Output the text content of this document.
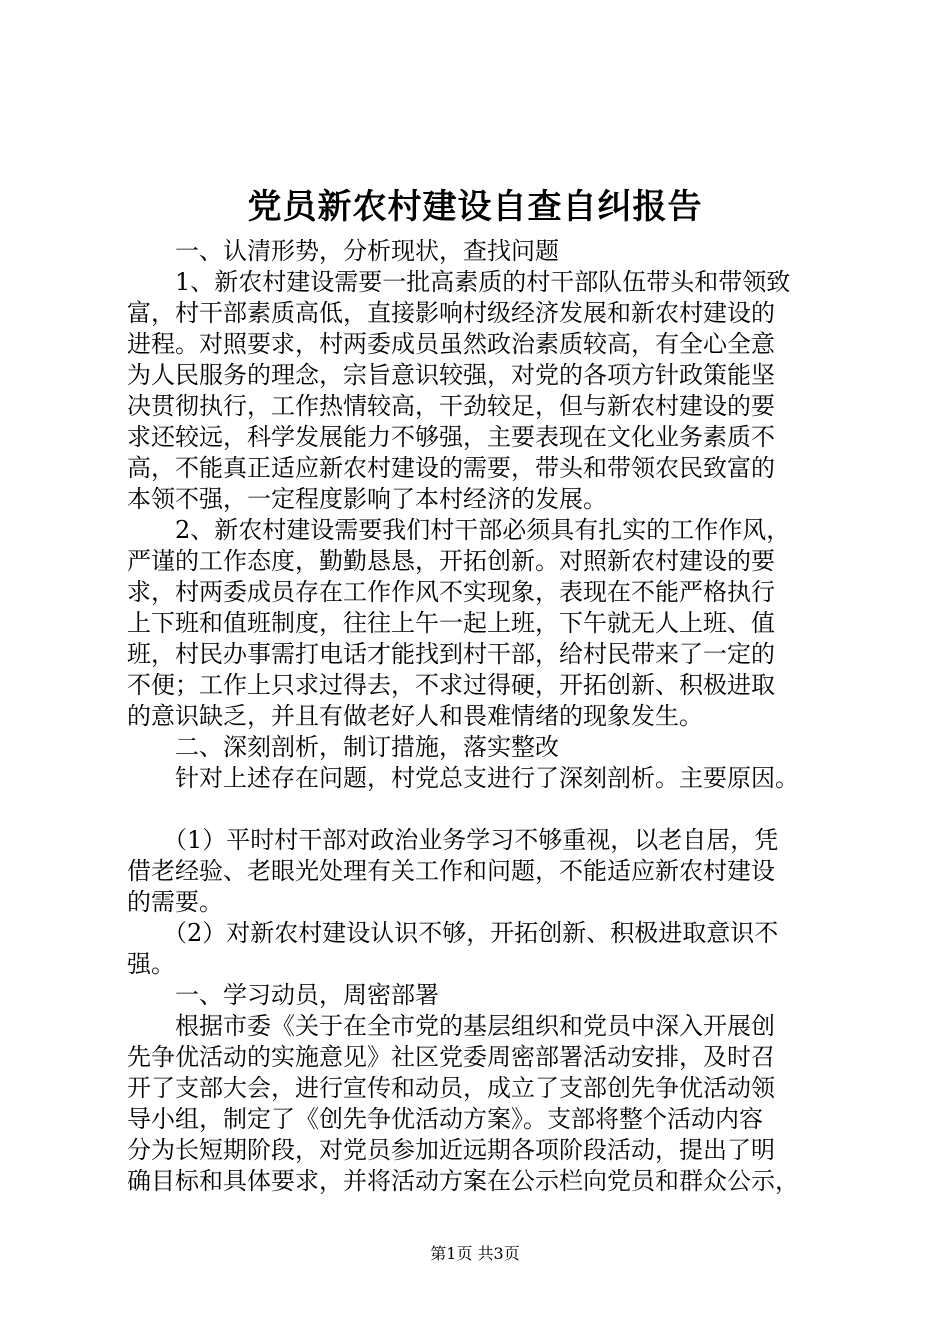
党员新农村建设自查自纠报告
　　一、认清形势，分析现状，查找问题
　　1、新农村建设需要一批高素质的村干部队伍带头和带领致
富，村干部素质高低，直接影响村级经济发展和新农村建设的
进程。对照要求，村两委成员虽然政治素质较高，有全心全意
为人民服务的理念，宗旨意识较强，对党的各项方针政策能坚
决贯彻执行，工作热情较高，干劲较足，但与新农村建设的要
求还较远，科学发展能力不够强，主要表现在文化业务素质不
高，不能真正适应新农村建设的需要，带头和带领农民致富的
本领不强，一定程度影响了本村经济的发展。
　　2、新农村建设需要我们村干部必须具有扎实的工作作风，
严谨的工作态度，勤勤恳恳，开拓创新。对照新农村建设的要
求，村两委成员存在工作作风不实现象，表现在不能严格执行
上下班和值班制度，往往上午一起上班，下午就无人上班、值
班，村民办事需打电话才能找到村干部，给村民带来了一定的
不便；工作上只求过得去，不求过得硬，开拓创新、积极进取
的意识缺乏，并且有做老好人和畏难情绪的现象发生。
　　二、深刻剖析，制订措施，落实整改
　　针对上述存在问题，村党总支进行了深刻剖析。主要原因。
　　（1）平时村干部对政治业务学习不够重视，以老自居，凭
借老经验、老眼光处理有关工作和问题，不能适应新农村建设
的需要。
　　（2）对新农村建设认识不够，开拓创新、积极进取意识不
强。
　　一、学习动员，周密部署
　　根据市委《关于在全市党的基层组织和党员中深入开展创
先争优活动的实施意见》社区党委周密部署活动安排，及时召
开了支部大会，进行宣传和动员，成立了支部创先争优活动领
导小组，制定了《创先争优活动方案》。支部将整个活动内容
分为长短期阶段，对党员参加近远期各项阶段活动，提出了明
确目标和具体要求，并将活动方案在公示栏向党员和群众公示，
第1页 共3页
